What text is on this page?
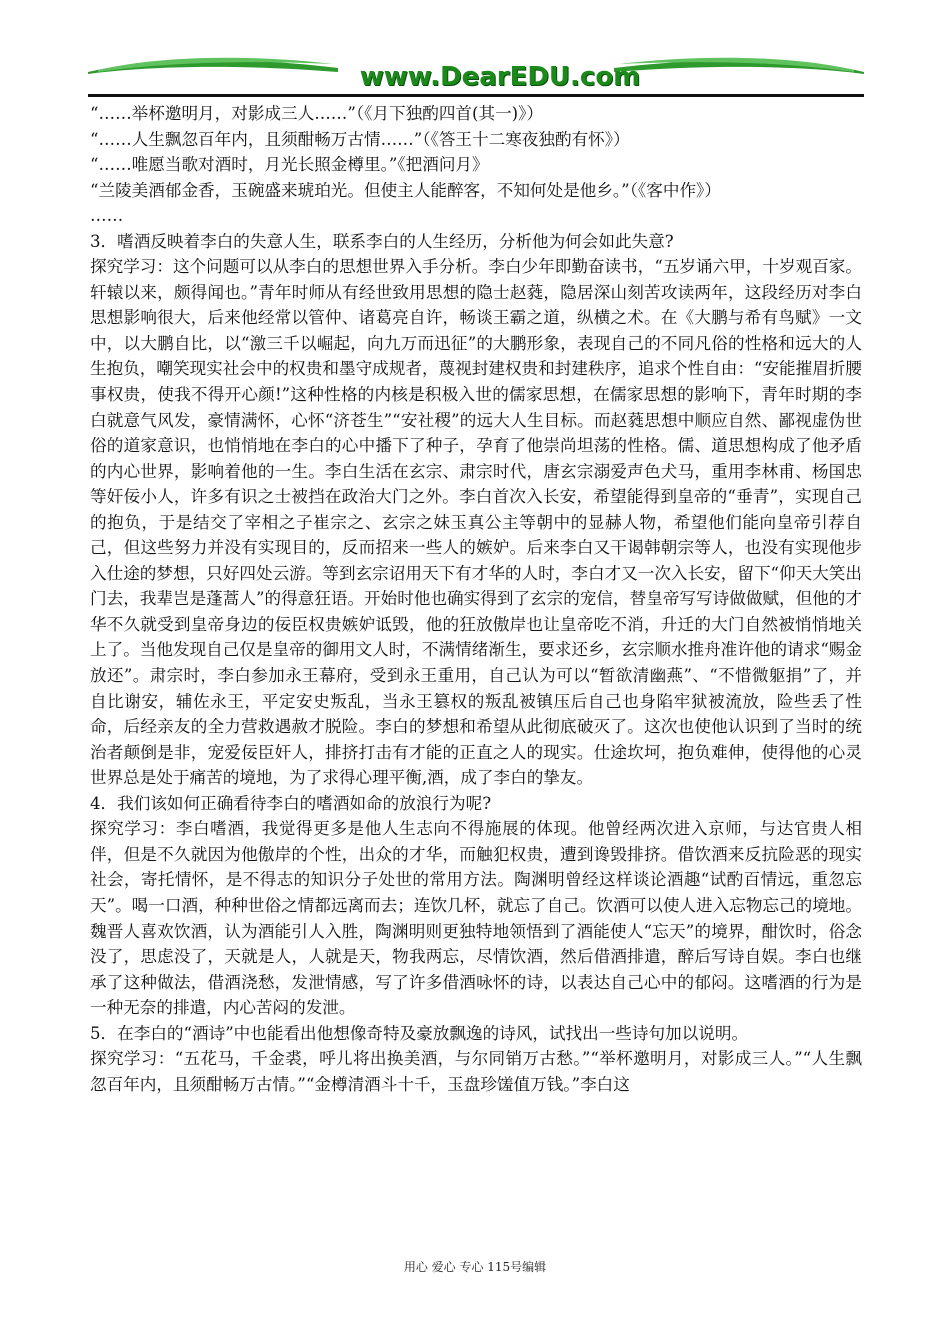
www.DearEDU.com

“……举杯邀明月，对影成三人……”（《月下独酌四首(其一)》）

“……人生飘忽百年内，且须酣畅万古情……”（《答王十二寒夜独酌有怀》）

“……唯愿当歌对酒时，月光长照金樽里。”《把酒问月》

“兰陵美酒郁金香，玉碗盛来琥珀光。但使主人能醉客，不知何处是他乡。”（《客中作》）

……

3．嗜酒反映着李白的失意人生，联系李白的人生经历，分析他为何会如此失意?

探究学习：这个问题可以从李白的思想世界入手分析。李白少年即勤奋读书，“五岁诵六甲，十岁观百家。轩辕以来，颇得闻也。”青年时师从有经世致用思想的隐士赵蕤，隐居深山刻苦攻读两年，这段经历对李白思想影响很大，后来他经常以管仲、诸葛亮自许，畅谈王霸之道，纵横之术。在《大鹏与希有鸟赋》一文中，以大鹏自比，以“激三千以崛起，向九万而迅征”的大鹏形象，表现自己的不同凡俗的性格和远大的人生抱负，嘲笑现实社会中的权贵和墨守成规者，蔑视封建权贵和封建秩序，追求个性自由：“安能摧眉折腰事权贵，使我不得开心颜!”这种性格的内核是积极入世的儒家思想，在儒家思想的影响下，青年时期的李白就意气风发，豪情满怀，心怀“济苍生”“安社稷”的远大人生目标。而赵蕤思想中顺应自然、鄙视虚伪世俗的道家意识，也悄悄地在李白的心中播下了种子，孕育了他崇尚坦荡的性格。儒、道思想构成了他矛盾的内心世界，影响着他的一生。李白生活在玄宗、肃宗时代，唐玄宗溺爱声色犬马，重用李林甫、杨国忠等奸佞小人，许多有识之士被挡在政治大门之外。李白首次入长安，希望能得到皇帝的“垂青”，实现自己的抱负，于是结交了宰相之子崔宗之、玄宗之妹玉真公主等朝中的显赫人物，希望他们能向皇帝引荐自己，但这些努力并没有实现目的，反而招来一些人的嫉妒。后来李白又干谒韩朝宗等人，也没有实现他步入仕途的梦想，只好四处云游。等到玄宗诏用天下有才华的人时，李白才又一次入长安，留下“仰天大笑出门去，我辈岂是蓬蒿人”的得意狂语。开始时他也确实得到了玄宗的宠信，替皇帝写写诗做做赋，但他的才华不久就受到皇帝身边的佞臣权贵嫉妒诋毁，他的狂放傲岸也让皇帝吃不消，升迁的大门自然被悄悄地关上了。当他发现自己仅是皇帝的御用文人时，不满情绪渐生，要求还乡，玄宗顺水推舟准许他的请求“赐金放还”。肃宗时，李白参加永王幕府，受到永王重用，自己认为可以“暂欲清幽燕”、“不惜微躯捐”了，并自比谢安，辅佐永王，平定安史叛乱，当永王篡权的叛乱被镇压后自己也身陷牢狱被流放，险些丢了性命，后经亲友的全力营救遇赦才脱险。李白的梦想和希望从此彻底破灭了。这次也使他认识到了当时的统治者颠倒是非，宠爱佞臣奸人，排挤打击有才能的正直之人的现实。仕途坎坷，抱负难伸，使得他的心灵世界总是处于痛苦的境地，为了求得心理平衡,酒，成了李白的挚友。

4．我们该如何正确看待李白的嗜酒如命的放浪行为呢?

探究学习：李白嗜酒，我觉得更多是他人生志向不得施展的体现。他曾经两次进入京师，与达官贵人相伴，但是不久就因为他傲岸的个性，出众的才华，而触犯权贵，遭到谗毁排挤。借饮酒来反抗险恶的现实社会，寄托情怀，是不得志的知识分子处世的常用方法。陶渊明曾经这样谈论酒趣“试酌百情远，重忽忘天”。喝一口酒，种种世俗之情都远离而去；连饮几杯，就忘了自己。饮酒可以使人进入忘物忘己的境地。魏晋人喜欢饮酒，认为酒能引人入胜，陶渊明则更独特地领悟到了酒能使人“忘天”的境界，酣饮时，俗念没了，思虑没了，天就是人，人就是天，物我两忘，尽情饮酒，然后借酒排遣，醉后写诗自娱。李白也继承了这种做法，借酒浇愁，发泄情感，写了许多借酒咏怀的诗，以表达自己心中的郁闷。这嗜酒的行为是一种无奈的排遣，内心苦闷的发泄。

5．在李白的“酒诗”中也能看出他想像奇特及豪放飘逸的诗风，试找出一些诗句加以说明。

探究学习：“五花马，千金裘，呼儿将出换美酒，与尔同销万古愁。”“举杯邀明月，对影成三人。”“人生飘忽百年内，且须酣畅万古情。”“金樽清酒斗十千，玉盘珍馐值万钱。”李白这

用心 爱心 专心 115号编辑
